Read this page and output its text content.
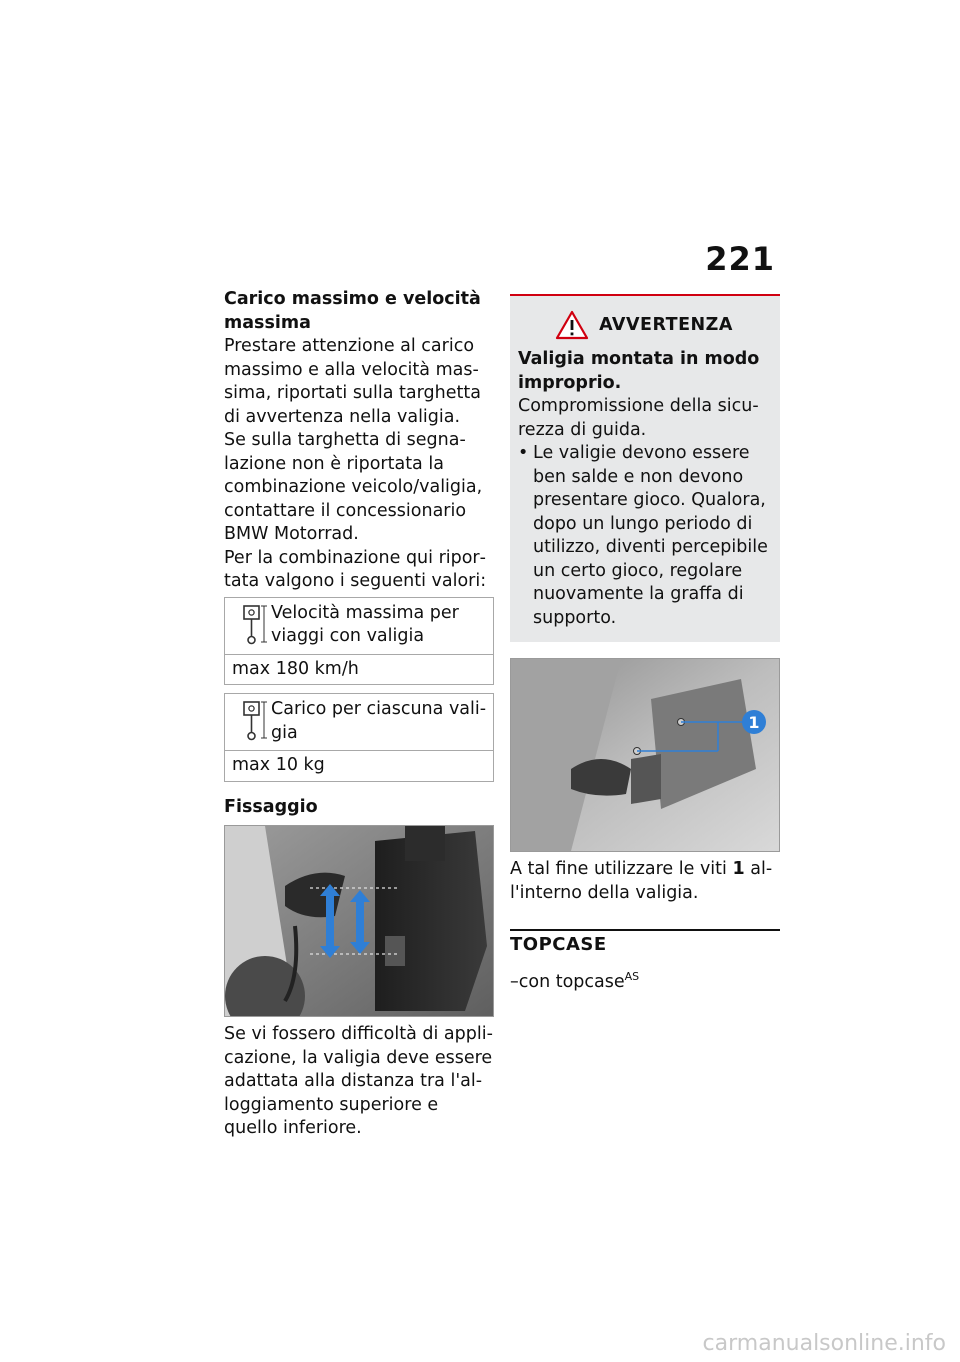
221

Carico massimo e velocità massima

Prestare attenzione al carico massimo e alla velocità massima, riportati sulla targhetta di avvertenza nella valigia.

Se sulla targhetta di segnalazione non è riportata la combinazione veicolo/valigia, contattare il concessionario BMW Motorrad.

Per la combinazione qui riportata valgono i seguenti valori:

Velocità massima per viaggi con valigia
max 180 km/h
Carico per ciascuna valigia
max 10 kg

Fissaggio

Se vi fossero difficoltà di applicazione, la valigia deve essere adattata alla distanza tra l'alloggiamento superiore e quello inferiore.

AVVERTENZA

Valigia montata in modo improprio.

Compromissione della sicurezza di guida.

• Le valigie devono essere ben salde e non devono presentare gioco. Qualora, dopo un lungo periodo di utilizzo, diventi percepibile un certo gioco, regolare nuovamente la graffa di supporto.
1

A tal fine utilizzare le viti 1 all'interno della valigia.

TOPCASE

–con topcase$^{AS}$

carmanualsonline.info
